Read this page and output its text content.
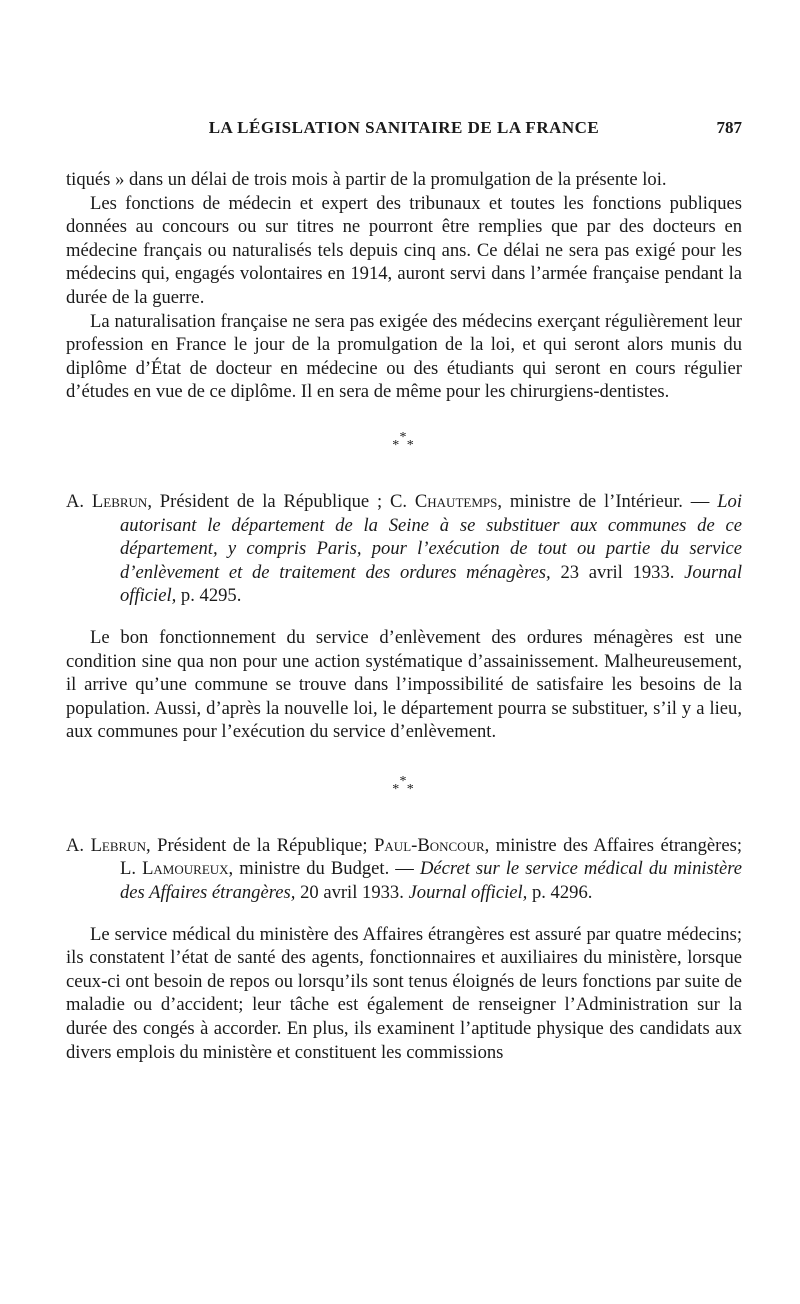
LA LÉGISLATION SANITAIRE DE LA FRANCE	787

tiqués » dans un délai de trois mois à partir de la promulgation de la présente loi.

Les fonctions de médecin et expert des tribunaux et toutes les fonctions publiques données au concours ou sur titres ne pourront être remplies que par des docteurs en médecine français ou naturalisés tels depuis cinq ans. Ce délai ne sera pas exigé pour les médecins qui, engagés volontaires en 1914, auront servi dans l’armée française pendant la durée de la guerre.

La naturalisation française ne sera pas exigée des médecins exerçant régulièrement leur profession en France le jour de la promulgation de la loi, et qui seront alors munis du diplôme d’État de docteur en médecine ou des étudiants qui seront en cours régulier d’études en vue de ce diplôme. Il en sera de même pour les chirurgiens-dentistes.

*
* *
A. Lebrun, Président de la République ; C. Chautemps, ministre de l’Intérieur. — Loi autorisant le département de la Seine à se substituer aux communes de ce département, y compris Paris, pour l’exécution de tout ou partie du service d’enlèvement et de traitement des ordures ménagères, 23 avril 1933. Journal officiel, p. 4295.

Le bon fonctionnement du service d’enlèvement des ordures ménagères est une condition sine qua non pour une action systématique d’assainissement. Malheureusement, il arrive qu’une commune se trouve dans l’impossibilité de satisfaire les besoins de la population. Aussi, d’après la nouvelle loi, le département pourra se substituer, s’il y a lieu, aux communes pour l’exécution du service d’enlèvement.

*
* *
A. Lebrun, Président de la République; Paul-Boncour, ministre des Affaires étrangères; L. Lamoureux, ministre du Budget. — Décret sur le service médical du ministère des Affaires étrangères, 20 avril 1933. Journal officiel, p. 4296.

Le service médical du ministère des Affaires étrangères est assuré par quatre médecins; ils constatent l’état de santé des agents, fonctionnaires et auxiliaires du ministère, lorsque ceux-ci ont besoin de repos ou lorsqu’ils sont tenus éloignés de leurs fonctions par suite de maladie ou d’accident; leur tâche est également de renseigner l’Administration sur la durée des congés à accorder. En plus, ils examinent l’aptitude physique des candidats aux divers emplois du ministère et constituent les commissions
